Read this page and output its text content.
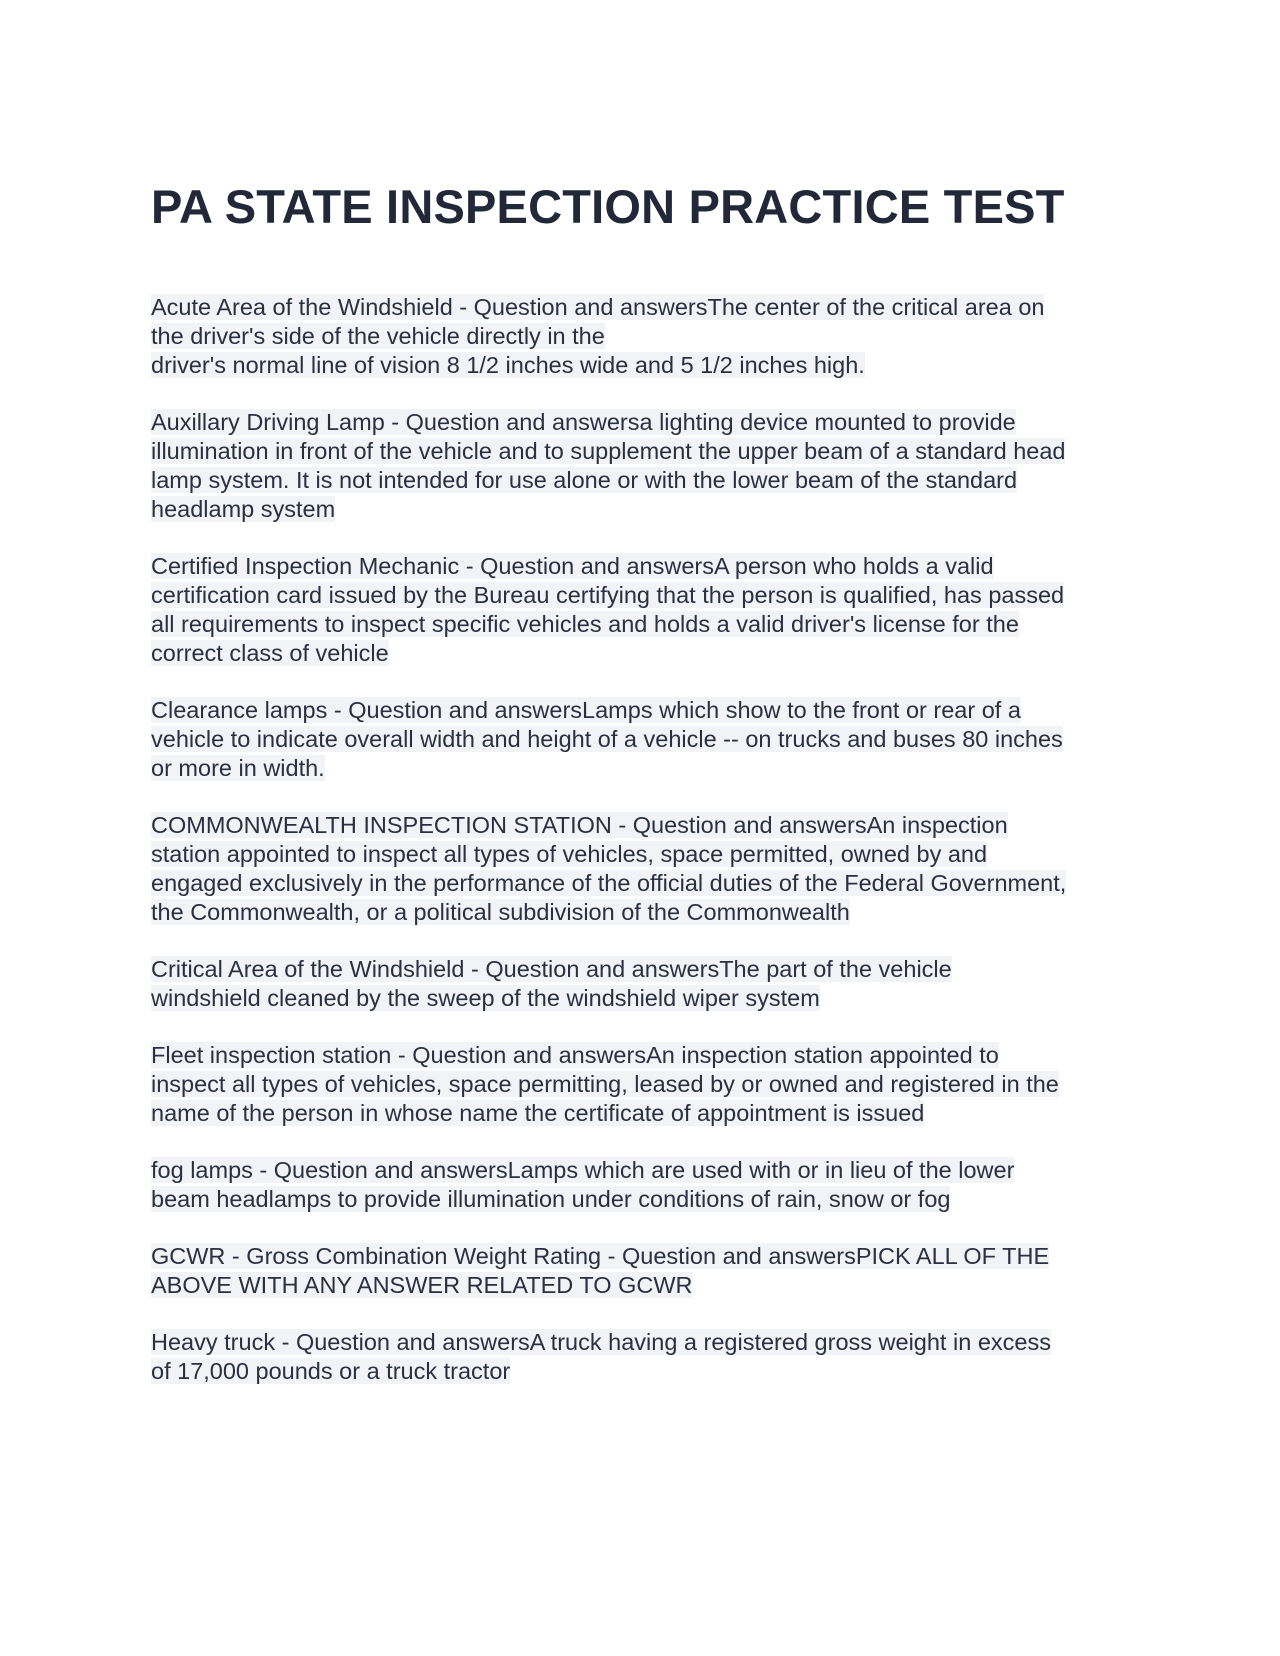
PA STATE INSPECTION PRACTICE TEST
Acute Area of the Windshield - Question and answersThe center of the critical area on
the driver's side of the vehicle directly in the
driver's normal line of vision 8 1/2 inches wide and 5 1/2 inches high.
Auxillary Driving Lamp - Question and answersa lighting device mounted to provide
illumination in front of the vehicle and to supplement the upper beam of a standard head
lamp system. It is not intended for use alone or with the lower beam of the standard
headlamp system
Certified Inspection Mechanic - Question and answersA person who holds a valid
certification card issued by the Bureau certifying that the person is qualified, has passed
all requirements to inspect specific vehicles and holds a valid driver's license for the
correct class of vehicle
Clearance lamps - Question and answersLamps which show to the front or rear of a
vehicle to indicate overall width and height of a vehicle -- on trucks and buses 80 inches
or more in width.
COMMONWEALTH INSPECTION STATION - Question and answersAn inspection
station appointed to inspect all types of vehicles, space permitted, owned by and
engaged exclusively in the performance of the official duties of the Federal Government,
the Commonwealth, or a political subdivision of the Commonwealth
Critical Area of the Windshield - Question and answersThe part of the vehicle
windshield cleaned by the sweep of the windshield wiper system
Fleet inspection station - Question and answersAn inspection station appointed to
inspect all types of vehicles, space permitting, leased by or owned and registered in the
name of the person in whose name the certificate of appointment is issued
fog lamps - Question and answersLamps which are used with or in lieu of the lower
beam headlamps to provide illumination under conditions of rain, snow or fog
GCWR - Gross Combination Weight Rating - Question and answersPICK ALL OF THE
ABOVE WITH ANY ANSWER RELATED TO GCWR
Heavy truck - Question and answersA truck having a registered gross weight in excess
of 17,000 pounds or a truck tractor
